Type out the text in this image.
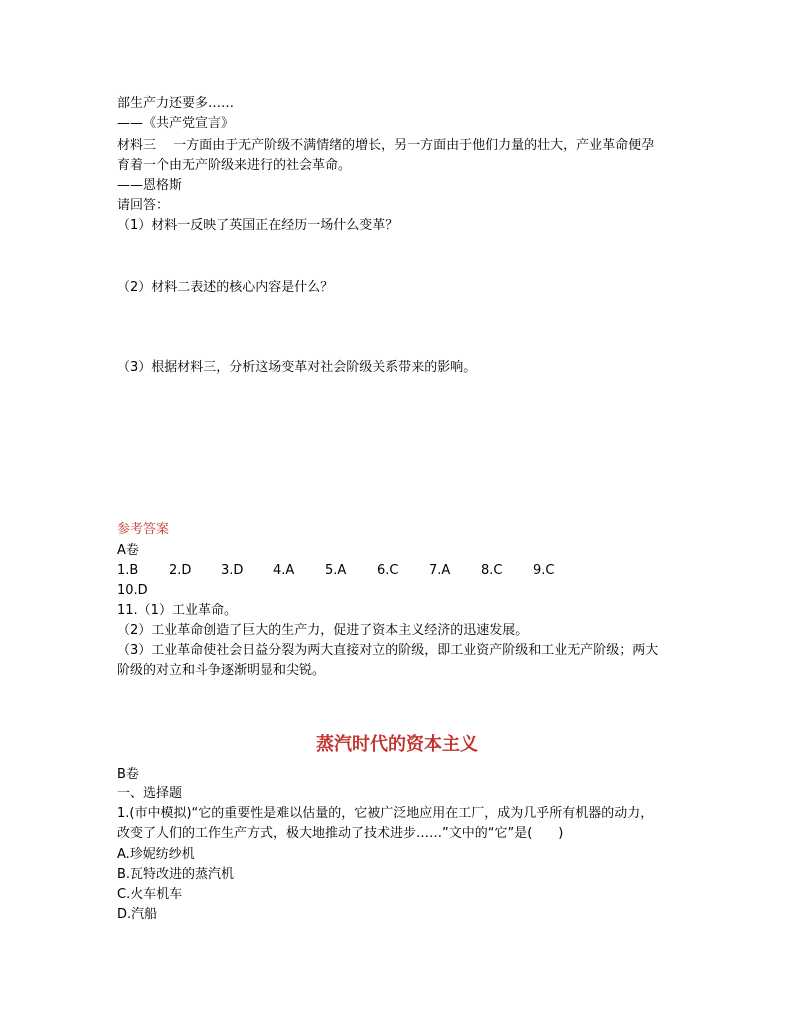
部生产力还要多……
——《共产党宣言》
材料三　 一方面由于无产阶级不满情绪的增长，另一方面由于他们力量的壮大，产业革命便孕
育着一个由无产阶级来进行的社会革命。
——恩格斯
请回答：
（1）材料一反映了英国正在经历一场什么变革？
（2）材料二表述的核心内容是什么？
（3）根据材料三，分析这场变革对社会阶级关系带来的影响。
参考答案
A卷
1.B	2.D	3.D	4.A	5.A	6.C	7.A	8.C	9.C
10.D
11.（1）工业革命。
（2）工业革命创造了巨大的生产力，促进了资本主义经济的迅速发展。
（3）工业革命使社会日益分裂为两大直接对立的阶级，即工业资产阶级和工业无产阶级；两大
阶级的对立和斗争逐渐明显和尖锐。
蒸汽时代的资本主义
B卷
一、选择题
1.(市中模拟)“它的重要性是难以估量的，它被广泛地应用在工厂，成为几乎所有机器的动力，
改变了人们的工作生产方式，极大地推动了技术进步……”文中的“它”是(　　)
A.珍妮纺纱机
B.瓦特改进的蒸汽机
C.火车机车
D.汽船
